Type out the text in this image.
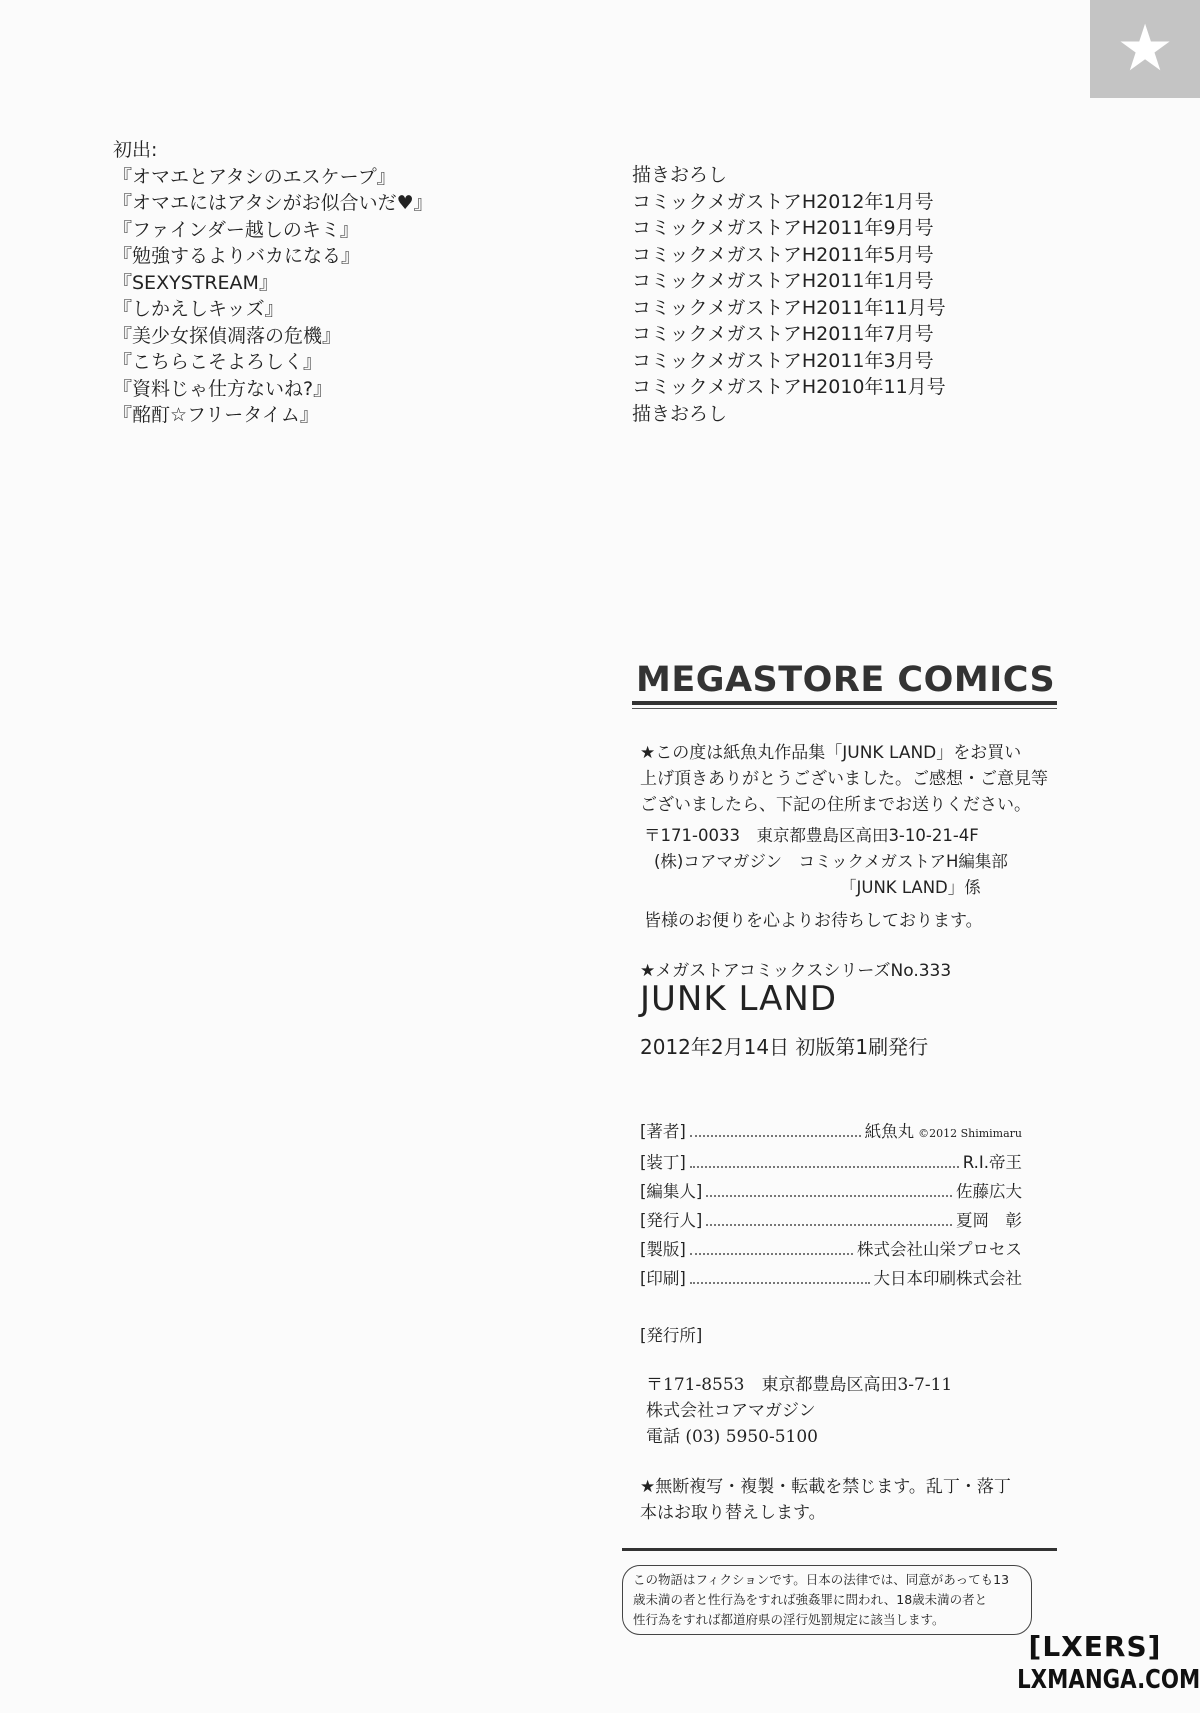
★
初出:
『オマエとアタシのエスケープ』
『オマエにはアタシがお似合いだ♥』
『ファインダー越しのキミ』
『勉強するよりバカになる』
『SEXYSTREAM』
『しかえしキッズ』
『美少女探偵凋落の危機』
『こちらこそよろしく』
『資料じゃ仕方ないね?』
『酩酊☆フリータイム』
描きおろし
コミックメガストアH2012年1月号
コミックメガストアH2011年9月号
コミックメガストアH2011年5月号
コミックメガストアH2011年1月号
コミックメガストアH2011年11月号
コミックメガストアH2011年7月号
コミックメガストアH2011年3月号
コミックメガストアH2010年11月号
描きおろし
MEGASTORE COMICS
★この度は紙魚丸作品集「JUNK LAND」をお買い
上げ頂きありがとうございました。ご感想・ご意見等
ございましたら、下記の住所までお送りください。
〒171-0033　東京都豊島区高田3-10-21-4F
(株)コアマガジン　コミックメガストアH編集部
「JUNK LAND」係
皆様のお便りを心よりお待ちしております。
★メガストアコミックスシリーズNo.333
JUNK LAND
2012年2月14日 初版第1刷発行
[著者]	紙魚丸 ©2012 Shimimaru
[装丁]	R.I.帝王
[編集人]	佐藤広大
[発行人]	夏岡　彰
[製版]	株式会社山栄プロセス
[印刷]	大日本印刷株式会社
[発行所]
〒171-8553　東京都豊島区高田3-7-11
株式会社コアマガジン
電話 (03) 5950-5100
★無断複写・複製・転載を禁じます。乱丁・落丁
本はお取り替えします。
この物語はフィクションです。日本の法律では、同意があっても13
歳未満の者と性行為をすれば強姦罪に問われ、18歳未満の者と
性行為をすれば都道府県の淫行処罰規定に該当します。
[LXERS]
LXMANGA.COM
